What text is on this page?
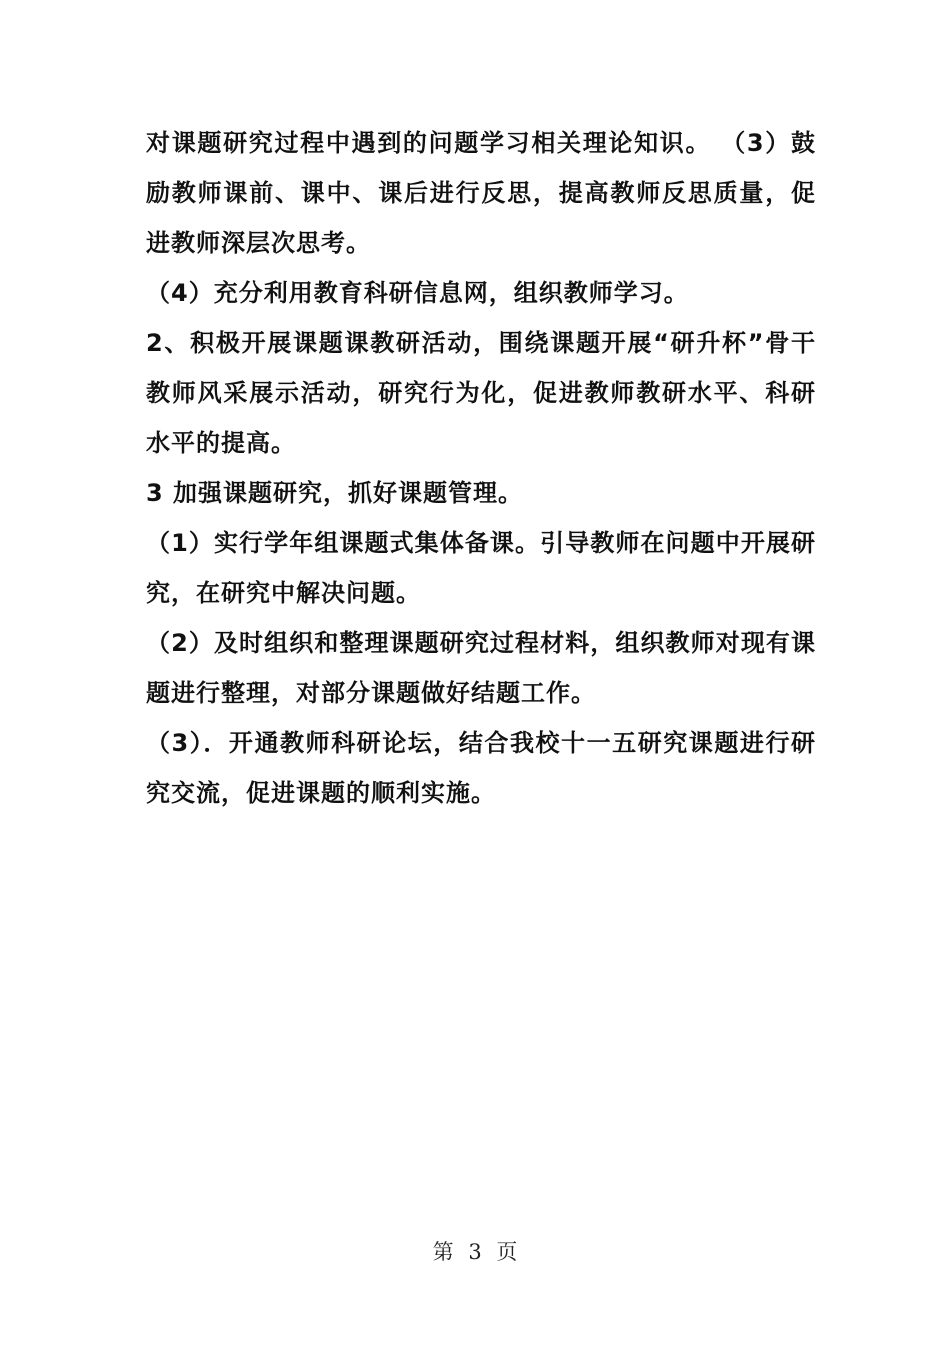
对课题研究过程中遇到的问题学习相关理论知识。 （3）鼓励教师课前、课中、课后进行反思，提高教师反思质量，促进教师深层次思考。

（4）充分利用教育科研信息网，组织教师学习。

2、积极开展课题课教研活动，围绕课题开展“研升杯”骨干教师风采展示活动，研究行为化，促进教师教研水平、科研水平的提高。

3 加强课题研究，抓好课题管理。

（1）实行学年组课题式集体备课。引导教师在问题中开展研究，在研究中解决问题。

（2）及时组织和整理课题研究过程材料，组织教师对现有课题进行整理，对部分课题做好结题工作。

（3）．开通教师科研论坛，结合我校十一五研究课题进行研究交流，促进课题的顺利实施。

第 3 页
